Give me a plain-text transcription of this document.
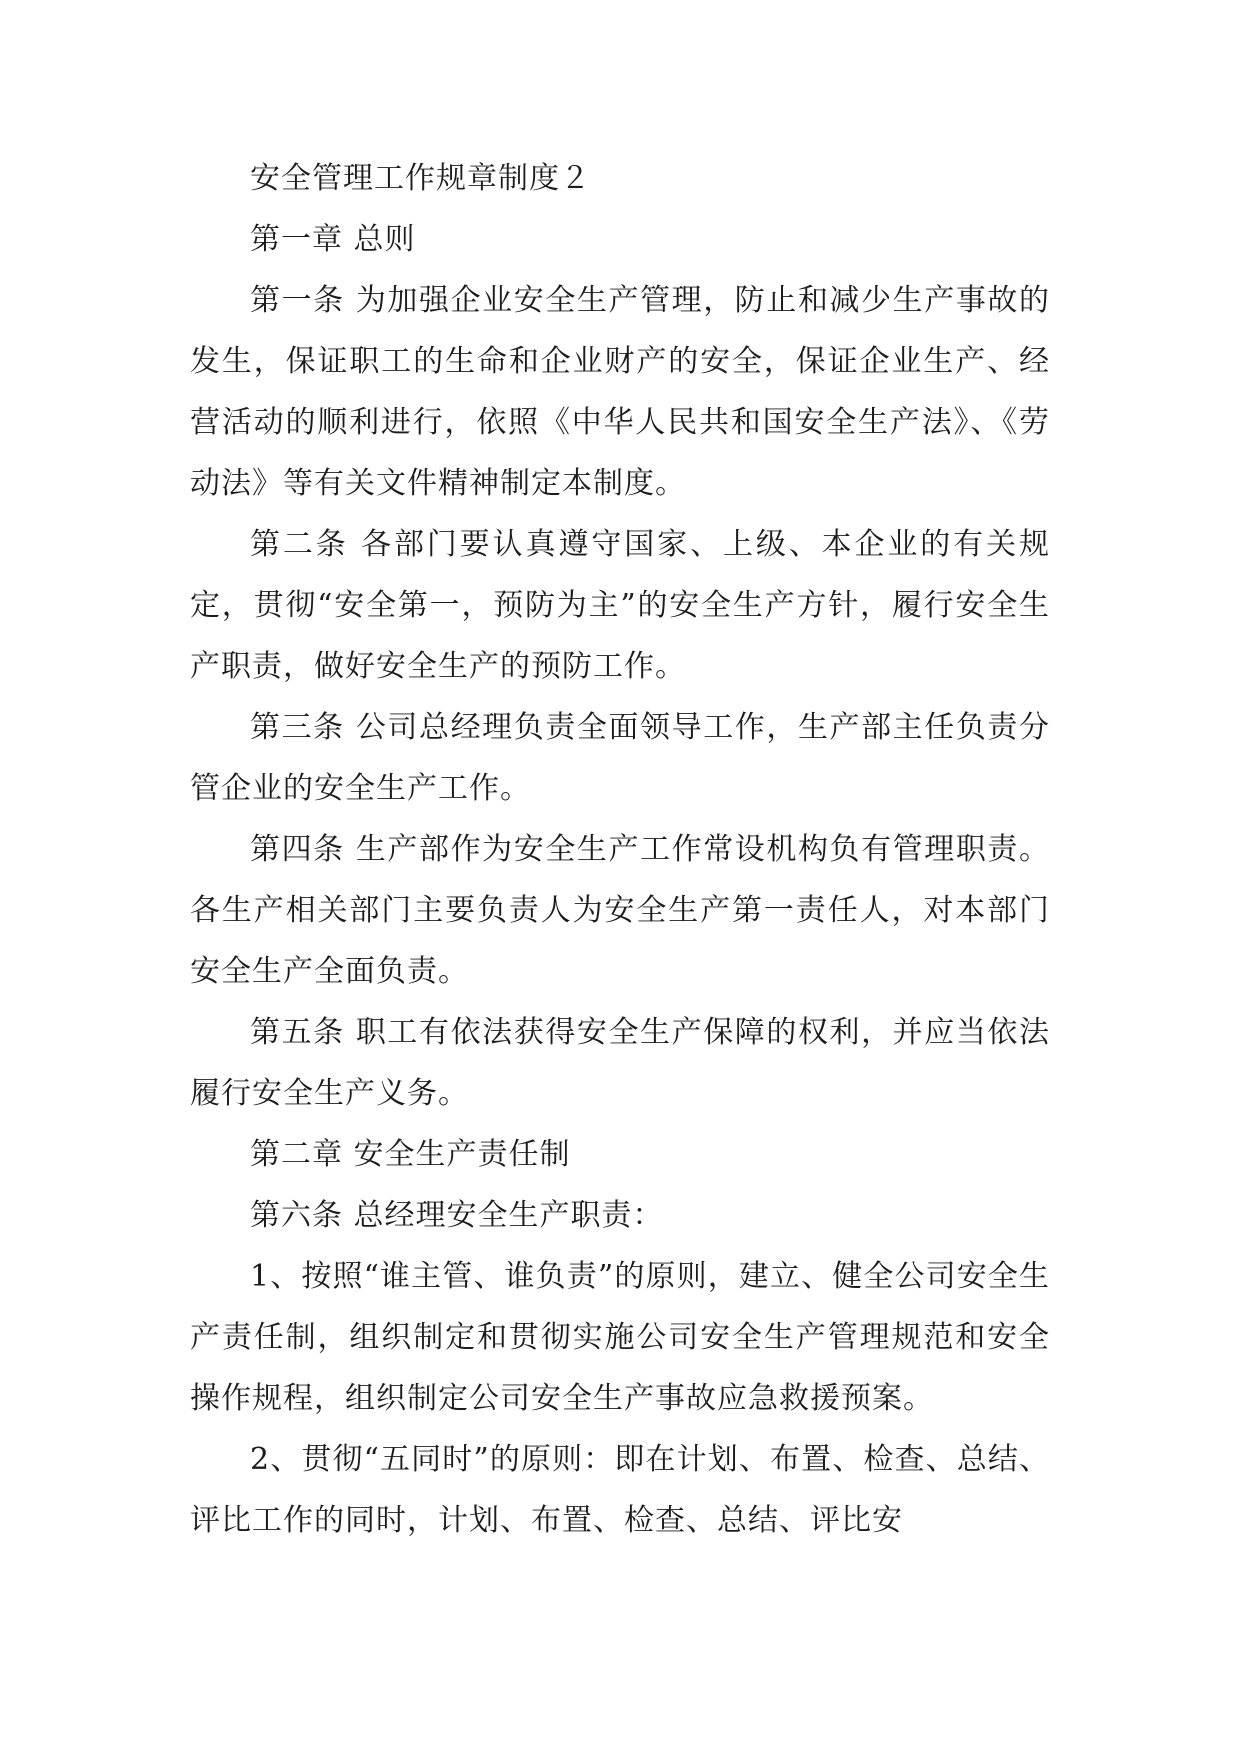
安全管理工作规章制度２

第一章 总则

第一条 为加强企业安全生产管理，防止和减少生产事故的发生，保证职工的生命和企业财产的安全，保证企业生产、经营活动的顺利进行，依照《中华人民共和国安全生产法》、《劳动法》等有关文件精神制定本制度。

第二条 各部门要认真遵守国家、上级、本企业的有关规定，贯彻“安全第一，预防为主”的安全生产方针，履行安全生产职责，做好安全生产的预防工作。

第三条 公司总经理负责全面领导工作，生产部主任负责分管企业的安全生产工作。

第四条 生产部作为安全生产工作常设机构负有管理职责。各生产相关部门主要负责人为安全生产第一责任人，对本部门安全生产全面负责。

第五条 职工有依法获得安全生产保障的权利，并应当依法履行安全生产义务。

第二章 安全生产责任制

第六条 总经理安全生产职责：

1、按照“谁主管、谁负责”的原则，建立、健全公司安全生产责任制，组织制定和贯彻实施公司安全生产管理规范和安全操作规程，组织制定公司安全生产事故应急救援预案。

2、贯彻“五同时”的原则：即在计划、布置、检查、总结、评比工作的同时，计划、布置、检查、总结、评比安
